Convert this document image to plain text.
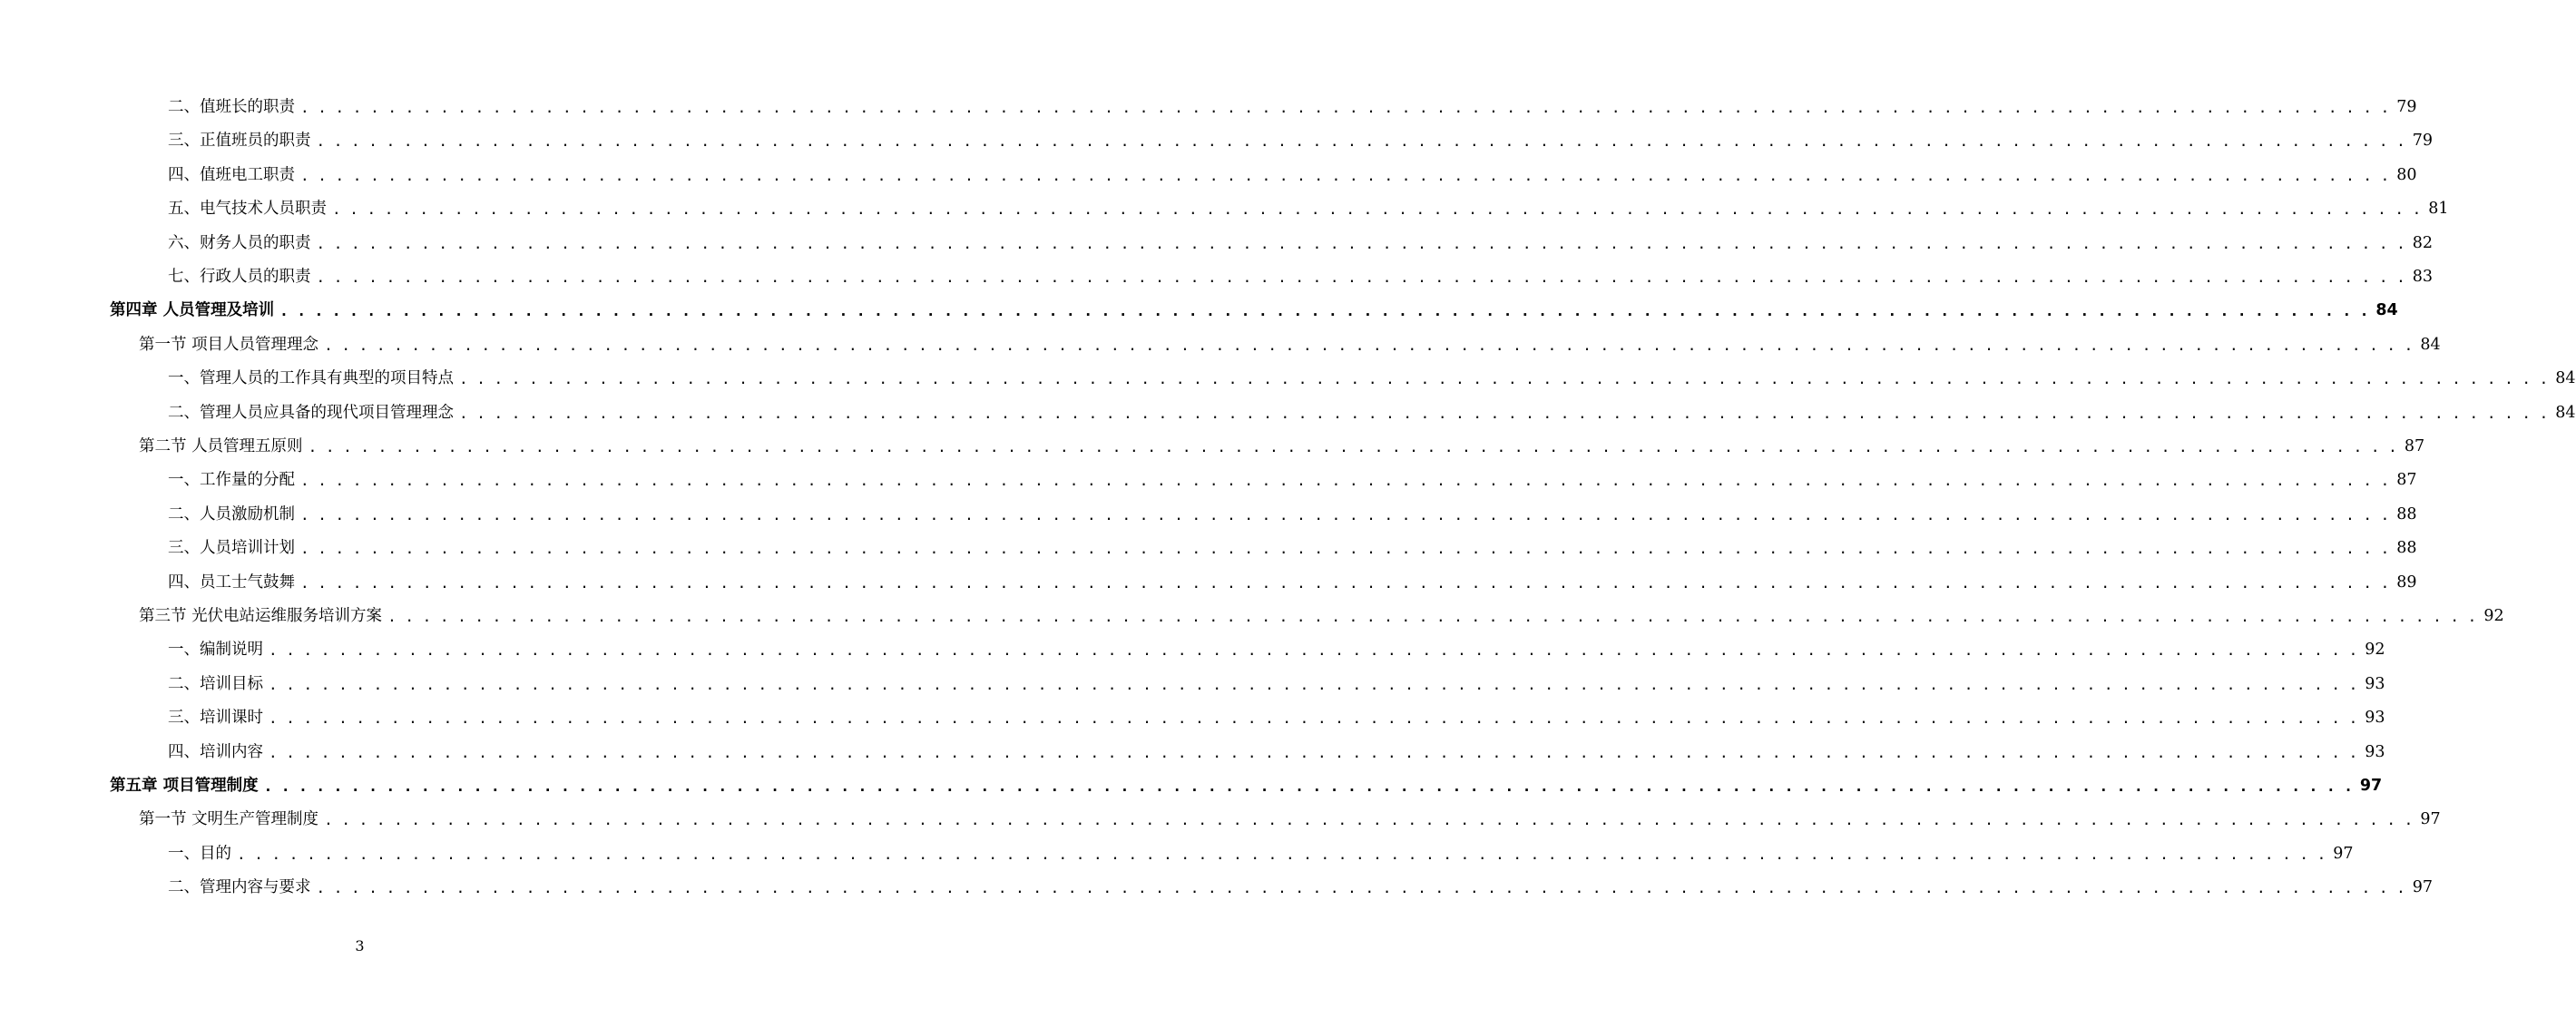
二、值班长的职责 . . . . . . . . . . . . . . . . . . . . . . . . . . . . . . . . . . . . . . . . . . . . . . . . . . . . . . . . . . . . . . . . . . . . . . . . . . . . . . . . . . . . . . . . . . . . . . . . . . . . . . . . . . . . . . . . . . . . . . . . 79
三、正值班员的职责 . . . . . . . . . . . . . . . . . . . . . . . . . . . . . . . . . . . . . . . . . . . . . . . . . . . . . . . . . . . . . . . . . . . . . . . . . . . . . . . . . . . . . . . . . . . . . . . . . . . . . . . . . . . . . . . . . . . . . . . . 79
四、值班电工职责 . . . . . . . . . . . . . . . . . . . . . . . . . . . . . . . . . . . . . . . . . . . . . . . . . . . . . . . . . . . . . . . . . . . . . . . . . . . . . . . . . . . . . . . . . . . . . . . . . . . . . . . . . . . . . . . . . . . . . . . . 80
五、电气技术人员职责 . . . . . . . . . . . . . . . . . . . . . . . . . . . . . . . . . . . . . . . . . . . . . . . . . . . . . . . . . . . . . . . . . . . . . . . . . . . . . . . . . . . . . . . . . . . . . . . . . . . . . . . . . . . . . . . . . . . . . . . . 81
六、财务人员的职责 . . . . . . . . . . . . . . . . . . . . . . . . . . . . . . . . . . . . . . . . . . . . . . . . . . . . . . . . . . . . . . . . . . . . . . . . . . . . . . . . . . . . . . . . . . . . . . . . . . . . . . . . . . . . . . . . . . . . . . . . 82
七、行政人员的职责 . . . . . . . . . . . . . . . . . . . . . . . . . . . . . . . . . . . . . . . . . . . . . . . . . . . . . . . . . . . . . . . . . . . . . . . . . . . . . . . . . . . . . . . . . . . . . . . . . . . . . . . . . . . . . . . . . . . . . . . . 83
第四章 人员管理及培训 . . . . . . . . . . . . . . . . . . . . . . . . . . . . . . . . . . . . . . . . . . . . . . . . . . . . . . . . . . . . . . . . . . . . . . . . . . . . . . . . . . . . . . . . . . . . . . . . . . . . . . . . . . . . . . . . . . . . . . . . 84
第一节 项目人员管理理念 . . . . . . . . . . . . . . . . . . . . . . . . . . . . . . . . . . . . . . . . . . . . . . . . . . . . . . . . . . . . . . . . . . . . . . . . . . . . . . . . . . . . . . . . . . . . . . . . . . . . . . . . . . . . . . . . . . . . . . . . 84
一、管理人员的工作具有典型的项目特点 . . . . . . . . . . . . . . . . . . . . . . . . . . . . . . . . . . . . . . . . . . . . . . . . . . . . . . . . . . . . . . . . . . . . . . . . . . . . . . . . . . . . . . . . . . . . . . . . . . . . . . . . . . . . . . . . . . . . . . . . 84
二、管理人员应具备的现代项目管理理念 . . . . . . . . . . . . . . . . . . . . . . . . . . . . . . . . . . . . . . . . . . . . . . . . . . . . . . . . . . . . . . . . . . . . . . . . . . . . . . . . . . . . . . . . . . . . . . . . . . . . . . . . . . . . . . . . . . . . . . . . 84
第二节 人员管理五原则 . . . . . . . . . . . . . . . . . . . . . . . . . . . . . . . . . . . . . . . . . . . . . . . . . . . . . . . . . . . . . . . . . . . . . . . . . . . . . . . . . . . . . . . . . . . . . . . . . . . . . . . . . . . . . . . . . . . . . . . . 87
一、工作量的分配 . . . . . . . . . . . . . . . . . . . . . . . . . . . . . . . . . . . . . . . . . . . . . . . . . . . . . . . . . . . . . . . . . . . . . . . . . . . . . . . . . . . . . . . . . . . . . . . . . . . . . . . . . . . . . . . . . . . . . . . . 87
二、人员激励机制 . . . . . . . . . . . . . . . . . . . . . . . . . . . . . . . . . . . . . . . . . . . . . . . . . . . . . . . . . . . . . . . . . . . . . . . . . . . . . . . . . . . . . . . . . . . . . . . . . . . . . . . . . . . . . . . . . . . . . . . . 88
三、人员培训计划 . . . . . . . . . . . . . . . . . . . . . . . . . . . . . . . . . . . . . . . . . . . . . . . . . . . . . . . . . . . . . . . . . . . . . . . . . . . . . . . . . . . . . . . . . . . . . . . . . . . . . . . . . . . . . . . . . . . . . . . . 88
四、员工士气鼓舞 . . . . . . . . . . . . . . . . . . . . . . . . . . . . . . . . . . . . . . . . . . . . . . . . . . . . . . . . . . . . . . . . . . . . . . . . . . . . . . . . . . . . . . . . . . . . . . . . . . . . . . . . . . . . . . . . . . . . . . . . 89
第三节 光伏电站运维服务培训方案 . . . . . . . . . . . . . . . . . . . . . . . . . . . . . . . . . . . . . . . . . . . . . . . . . . . . . . . . . . . . . . . . . . . . . . . . . . . . . . . . . . . . . . . . . . . . . . . . . . . . . . . . . . . . . . . . . . . . . . . . 92
一、编制说明 . . . . . . . . . . . . . . . . . . . . . . . . . . . . . . . . . . . . . . . . . . . . . . . . . . . . . . . . . . . . . . . . . . . . . . . . . . . . . . . . . . . . . . . . . . . . . . . . . . . . . . . . . . . . . . . . . . . . . . . . 92
二、培训目标 . . . . . . . . . . . . . . . . . . . . . . . . . . . . . . . . . . . . . . . . . . . . . . . . . . . . . . . . . . . . . . . . . . . . . . . . . . . . . . . . . . . . . . . . . . . . . . . . . . . . . . . . . . . . . . . . . . . . . . . . 93
三、培训课时 . . . . . . . . . . . . . . . . . . . . . . . . . . . . . . . . . . . . . . . . . . . . . . . . . . . . . . . . . . . . . . . . . . . . . . . . . . . . . . . . . . . . . . . . . . . . . . . . . . . . . . . . . . . . . . . . . . . . . . . . 93
四、培训内容 . . . . . . . . . . . . . . . . . . . . . . . . . . . . . . . . . . . . . . . . . . . . . . . . . . . . . . . . . . . . . . . . . . . . . . . . . . . . . . . . . . . . . . . . . . . . . . . . . . . . . . . . . . . . . . . . . . . . . . . . 93
第五章 项目管理制度 . . . . . . . . . . . . . . . . . . . . . . . . . . . . . . . . . . . . . . . . . . . . . . . . . . . . . . . . . . . . . . . . . . . . . . . . . . . . . . . . . . . . . . . . . . . . . . . . . . . . . . . . . . . . . . . . . . . . . . . . 97
第一节 文明生产管理制度 . . . . . . . . . . . . . . . . . . . . . . . . . . . . . . . . . . . . . . . . . . . . . . . . . . . . . . . . . . . . . . . . . . . . . . . . . . . . . . . . . . . . . . . . . . . . . . . . . . . . . . . . . . . . . . . . . . . . . . . . 97
一、目的 . . . . . . . . . . . . . . . . . . . . . . . . . . . . . . . . . . . . . . . . . . . . . . . . . . . . . . . . . . . . . . . . . . . . . . . . . . . . . . . . . . . . . . . . . . . . . . . . . . . . . . . . . . . . . . . . . . . . . . . . 97
二、管理内容与要求 . . . . . . . . . . . . . . . . . . . . . . . . . . . . . . . . . . . . . . . . . . . . . . . . . . . . . . . . . . . . . . . . . . . . . . . . . . . . . . . . . . . . . . . . . . . . . . . . . . . . . . . . . . . . . . . . . . . . . . . . 97
3
